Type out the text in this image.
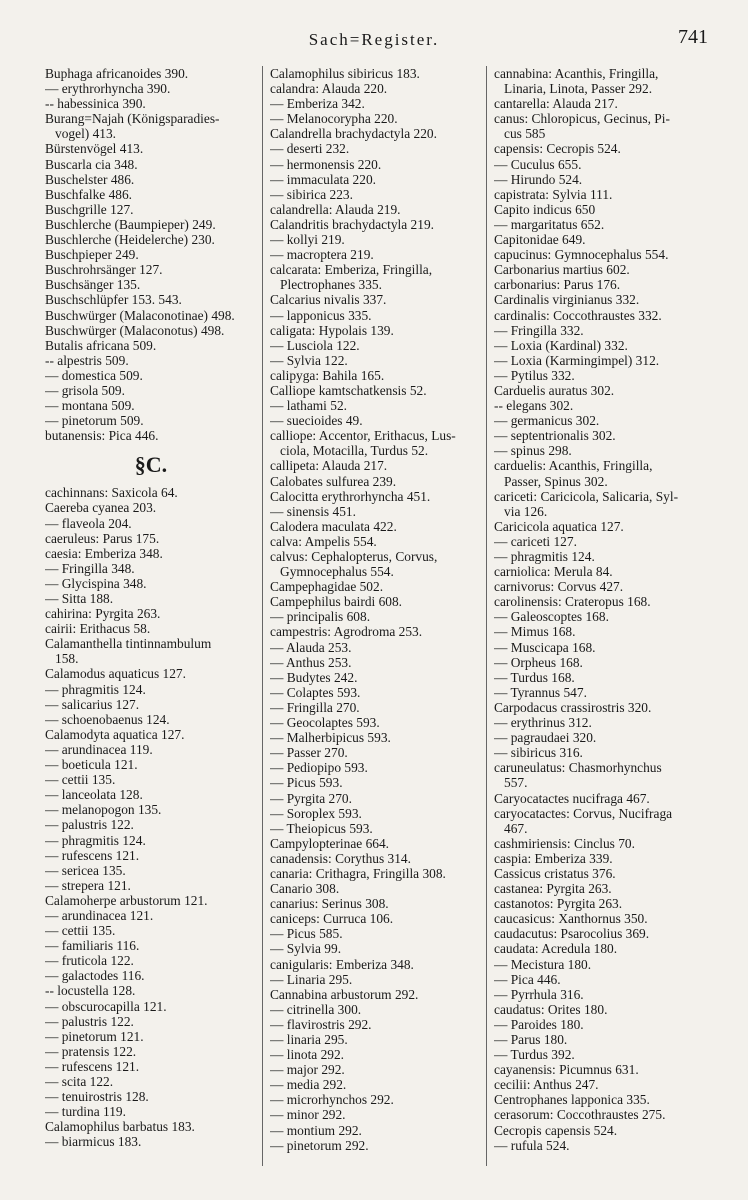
Sach=Register.	741
Buphaga africanoides 390.
— erythrorhyncha 390.
-- habessinica 390.
Burang=Najah (Königsparadies-
vogel) 413.
Bürstenvögel 413.
Buscarla cia 348.
Buschelster 486.
Buschfalke 486.
Buschgrille 127.
Buschlerche (Baumpieper) 249.
Buschlerche (Heidelerche) 230.
Buschpieper 249.
Buschrohrsänger 127.
Buschsänger 135.
Buschschlüpfer 153. 543.
Buschwürger (Malaconotinae) 498.
Buschwürger (Malaconotus) 498.
Butalis africana 509.
-- alpestris 509.
— domestica 509.
— grisola 509.
— montana 509.
— pinetorum 509.
butanensis: Pica 446.
§C.
cachinnans: Saxicola 64.
Caereba cyanea 203.
— flaveola 204.
caeruleus: Parus 175.
caesia: Emberiza 348.
— Fringilla 348.
— Glycispina 348.
— Sitta 188.
cahirina: Pyrgita 263.
cairii: Erithacus 58.
Calamanthella tintinnambulum
158.
Calamodus aquaticus 127.
— phragmitis 124.
— salicarius 127.
— schoenobaenus 124.
Calamodyta aquatica 127.
— arundinacea 119.
— boeticula 121.
— cettii 135.
— lanceolata 128.
— melanopogon 135.
— palustris 122.
— phragmitis 124.
— rufescens 121.
— sericea 135.
— strepera 121.
Calamoherpe arbustorum 121.
— arundinacea 121.
— cettii 135.
— familiaris 116.
— fruticola 122.
— galactodes 116.
-- locustella 128.
— obscurocapilla 121.
— palustris 122.
— pinetorum 121.
— pratensis 122.
— rufescens 121.
— scita 122.
— tenuirostris 128.
— turdina 119.
Calamophilus barbatus 183.
— biarmicus 183.
Calamophilus sibiricus 183.
calandra: Alauda 220.
— Emberiza 342.
— Melanocorypha 220.
Calandrella brachydactyla 220.
— deserti 232.
— hermonensis 220.
— immaculata 220.
— sibirica 223.
calandrella: Alauda 219.
Calandritis brachydactyla 219.
— kollyi 219.
— macroptera 219.
calcarata: Emberiza, Fringilla,
Plectrophanes 335.
Calcarius nivalis 337.
— lapponicus 335.
caligata: Hypolais 139.
— Lusciola 122.
— Sylvia 122.
calipyga: Bahila 165.
Calliope kamtschatkensis 52.
— lathami 52.
— suecioides 49.
calliope: Accentor, Erithacus, Lus-
ciola, Motacilla, Turdus 52.
callipeta: Alauda 217.
Calobates sulfurea 239.
Calocitta erythrorhyncha 451.
— sinensis 451.
Calodera maculata 422.
calva: Ampelis 554.
calvus: Cephalopterus, Corvus,
Gymnocephalus 554.
Campephagidae 502.
Campephilus bairdi 608.
— principalis 608.
campestris: Agrodroma 253.
— Alauda 253.
— Anthus 253.
— Budytes 242.
— Colaptes 593.
— Fringilla 270.
— Geocolaptes 593.
— Malherbipicus 593.
— Passer 270.
— Pediopipo 593.
— Picus 593.
— Pyrgita 270.
— Soroplex 593.
— Theiopicus 593.
Campylopterinae 664.
canadensis: Corythus 314.
canaria: Crithagra, Fringilla 308.
Canario 308.
canarius: Serinus 308.
caniceps: Curruca 106.
— Picus 585.
— Sylvia 99.
canigularis: Emberiza 348.
— Linaria 295.
Cannabina arbustorum 292.
— citrinella 300.
— flavirostris 292.
— linaria 295.
— linota 292.
— major 292.
— media 292.
— microrhynchos 292.
— minor 292.
— montium 292.
— pinetorum 292.
cannabina: Acanthis, Fringilla,
Linaria, Linota, Passer 292.
cantarella: Alauda 217.
canus: Chloropicus, Gecinus, Pi-
cus 585
capensis: Cecropis 524.
— Cuculus 655.
— Hirundo 524.
capistrata: Sylvia 111.
Capito indicus 650
— margaritatus 652.
Capitonidae 649.
capucinus: Gymnocephalus 554.
Carbonarius martius 602.
carbonarius: Parus 176.
Cardinalis virginianus 332.
cardinalis: Coccothraustes 332.
— Fringilla 332.
— Loxia (Kardinal) 332.
— Loxia (Karmingimpel) 312.
— Pytilus 332.
Carduelis auratus 302.
-- elegans 302.
— germanicus 302.
— septentrionalis 302.
— spinus 298.
carduelis: Acanthis, Fringilla,
Passer, Spinus 302.
cariceti: Caricicola, Salicaria, Syl-
via 126.
Caricicola aquatica 127.
— cariceti 127.
— phragmitis 124.
carniolica: Merula 84.
carnivorus: Corvus 427.
carolinensis: Crateropus 168.
— Galeoscoptes 168.
— Mimus 168.
— Muscicapa 168.
— Orpheus 168.
— Turdus 168.
— Tyrannus 547.
Carpodacus crassirostris 320.
— erythrinus 312.
— pagraudaei 320.
— sibiricus 316.
caruneulatus: Chasmorhynchus
557.
Caryocatactes nucifraga 467.
caryocatactes: Corvus, Nucifraga
467.
cashmiriensis: Cinclus 70.
caspia: Emberiza 339.
Cassicus cristatus 376.
castanea: Pyrgita 263.
castanotos: Pyrgita 263.
caucasicus: Xanthornus 350.
caudacutus: Psarocolius 369.
caudata: Acredula 180.
— Mecistura 180.
— Pica 446.
— Pyrrhula 316.
caudatus: Orites 180.
— Paroides 180.
— Parus 180.
— Turdus 392.
cayanensis: Picumnus 631.
cecilii: Anthus 247.
Centrophanes lapponica 335.
cerasorum: Coccothraustes 275.
Cecropis capensis 524.
— rufula 524.
